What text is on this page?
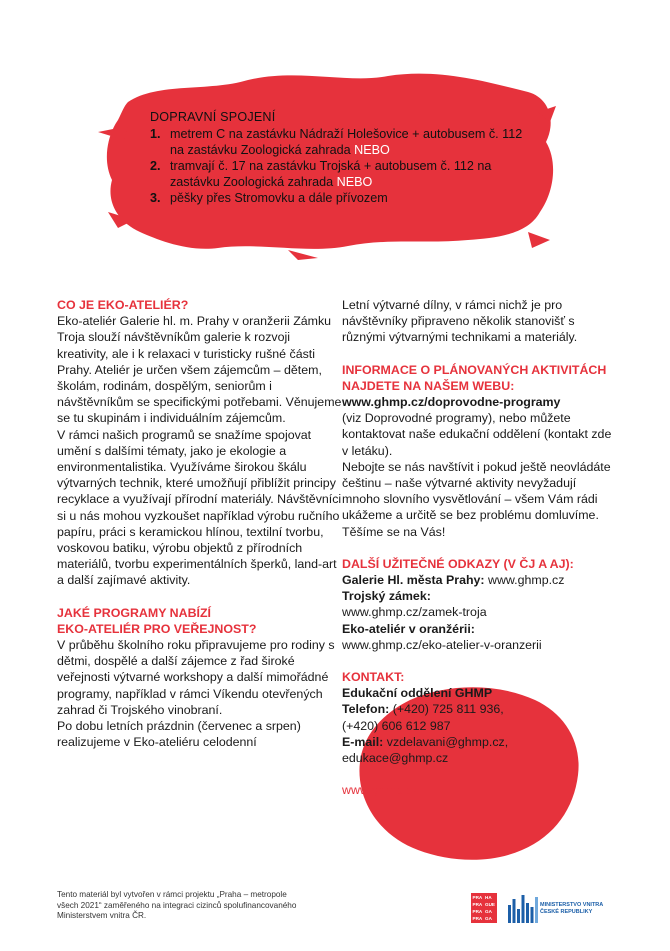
DOPRAVNÍ SPOJENÍ
1. metrem C na zastávku Nádraží Holešovice + autobusem č. 112 na zastávku Zoologická zahrada NEBO
2. tramvají č. 17 na zastávku Trojská + autobusem č. 112 na zastávku Zoologická zahrada NEBO
3. pěšky přes Stromovku a dále přívozem

CO JE EKO-ATELIÉR?

Eko-ateliér Galerie hl. m. Prahy v oranžerii Zámku Troja slouží návštěvníkům galerie k rozvoji kreativity, ale i k relaxaci v turisticky rušné části Prahy. Ateliér je určen všem zájemcům – dětem, školám, rodinám, dospělým, seniorům i návštěvníkům se specifickými potřebami. Věnujeme se tu skupinám i individuálním zájemcům.

V rámci našich programů se snažíme spojovat umění s dalšími tématy, jako je ekologie a environmentalistika. Využíváme širokou škálu výtvarných technik, které umožňují přiblížit principy recyklace a využívají přírodní materiály. Návštěvníci si u nás mohou vyzkoušet například výrobu ručního papíru, práci s keramickou hlínou, textilní tvorbu, voskovou batiku, výrobu objektů z přírodních materiálů, tvorbu experimentálních šperků, land-art a další zajímavé aktivity.

JAKÉ PROGRAMY NABÍZÍ

EKO-ATELIÉR PRO VEŘEJNOST?

V průběhu školního roku připravujeme pro rodiny s dětmi, dospělé a další zájemce z řad široké veřejnosti výtvarné workshopy a další mimořádné programy, například v rámci Víkendu otevřených zahrad či Trojského vinobraní.

Po dobu letních prázdnin (červenec a srpen) realizujeme v Eko-ateliéru celodenní

Letní výtvarné dílny, v rámci nichž je pro návštěvníky připraveno několik stanovišť s různými výtvarnými technikami a materiály.

INFORMACE O PLÁNOVANÝCH AKTIVITÁCH NAJDETE NA NAŠEM WEBU:

www.ghmp.cz/doprovodne-programy

(viz Doprovodné programy), nebo můžete kontaktovat naše edukační oddělení (kontakt zde v letáku).

Nebojte se nás navštívit i pokud ještě neovládáte češtinu – naše výtvarné aktivity nevyžadují mnoho slovního vysvětlování – všem Vám rádi ukážeme a určitě se bez problému domluvíme. Těšíme se na Vás!

DALŠÍ UŽITEČNÉ ODKAZY (V ČJ A AJ):

Galerie Hl. města Prahy: www.ghmp.cz

Trojský zámek:

www.ghmp.cz/zamek-troja

Eko-ateliér v oranžérii:

www.ghmp.cz/eko-atelier-v-oranzerii

KONTAKT:

Edukační oddělení GHMP

Telefon: (+420) 725 811 936,

(+420) 606 612 987

E-mail: vzdelavani@ghmp.cz,

edukace@ghmp.cz

www.ghmp.cz

Tento materiál byl vytvořen v rámci projektu „Praha – metropole všech 2021“ zaměřeného na integraci cizinců spolufinancovaného Ministerstvem vnitra ČR.
PRA HA
PRA GUE
PRA GA
PRA GA
MINISTERSTVO VNITRA
ČESKÉ REPUBLIKY
